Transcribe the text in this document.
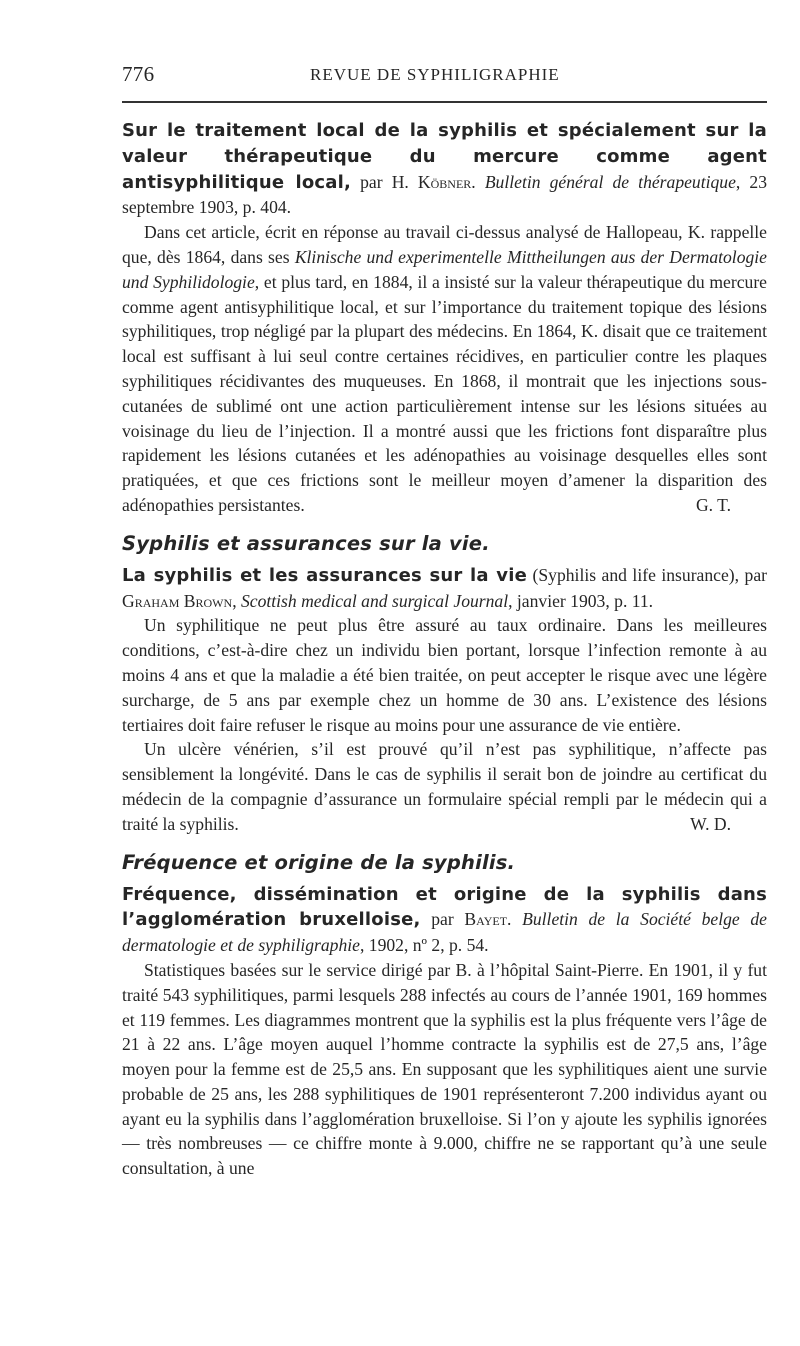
776	REVUE DE SYPHILIGRAPHIE

Sur le traitement local de la syphilis et spécialement sur la valeur thérapeutique du mercure comme agent antisyphilitique local, par H. Köbner. Bulletin général de thérapeutique, 23 septembre 1903, p. 404.

Dans cet article, écrit en réponse au travail ci-dessus analysé de Hallopeau, K. rappelle que, dès 1864, dans ses Klinische und experimentelle Mittheilungen aus der Dermatologie und Syphilidologie, et plus tard, en 1884, il a insisté sur la valeur thérapeutique du mercure comme agent antisyphilitique local, et sur l’importance du traitement topique des lésions syphilitiques, trop négligé par la plupart des médecins. En 1864, K. disait que ce traitement local est suffisant à lui seul contre certaines récidives, en particulier contre les plaques syphilitiques récidivantes des muqueuses. En 1868, il montrait que les injections sous-cutanées de sublimé ont une action particulièrement intense sur les lésions situées au voisinage du lieu de l’injection. Il a montré aussi que les frictions font disparaître plus rapidement les lésions cutanées et les adénopathies au voisinage desquelles elles sont pratiquées, et que ces frictions sont le meilleur moyen d’amener la disparition des adénopathies persistantes.	G. T.

Syphilis et assurances sur la vie.

La syphilis et les assurances sur la vie (Syphilis and life insurance), par Graham Brown, Scottish medical and surgical Journal, janvier 1903, p. 11.

Un syphilitique ne peut plus être assuré au taux ordinaire. Dans les meilleures conditions, c’est-à-dire chez un individu bien portant, lorsque l’infection remonte à au moins 4 ans et que la maladie a été bien traitée, on peut accepter le risque avec une légère surcharge, de 5 ans par exemple chez un homme de 30 ans. L’existence des lésions tertiaires doit faire refuser le risque au moins pour une assurance de vie entière.

Un ulcère vénérien, s’il est prouvé qu’il n’est pas syphilitique, n’affecte pas sensiblement la longévité. Dans le cas de syphilis il serait bon de joindre au certificat du médecin de la compagnie d’assurance un formulaire spécial rempli par le médecin qui a traité la syphilis.	W. D.

Fréquence et origine de la syphilis.

Fréquence, dissémination et origine de la syphilis dans l’agglomération bruxelloise, par Bayet. Bulletin de la Société belge de dermatologie et de syphiligraphie, 1902, nº 2, p. 54.

Statistiques basées sur le service dirigé par B. à l’hôpital Saint-Pierre. En 1901, il y fut traité 543 syphilitiques, parmi lesquels 288 infectés au cours de l’année 1901, 169 hommes et 119 femmes. Les diagrammes montrent que la syphilis est la plus fréquente vers l’âge de 21 à 22 ans. L’âge moyen auquel l’homme contracte la syphilis est de 27,5 ans, l’âge moyen pour la femme est de 25,5 ans. En supposant que les syphilitiques aient une survie probable de 25 ans, les 288 syphilitiques de 1901 représenteront 7.200 individus ayant ou ayant eu la syphilis dans l’agglomération bruxelloise. Si l’on y ajoute les syphilis ignorées — très nombreuses — ce chiffre monte à 9.000, chiffre ne se rapportant qu’à une seule consultation, à une
